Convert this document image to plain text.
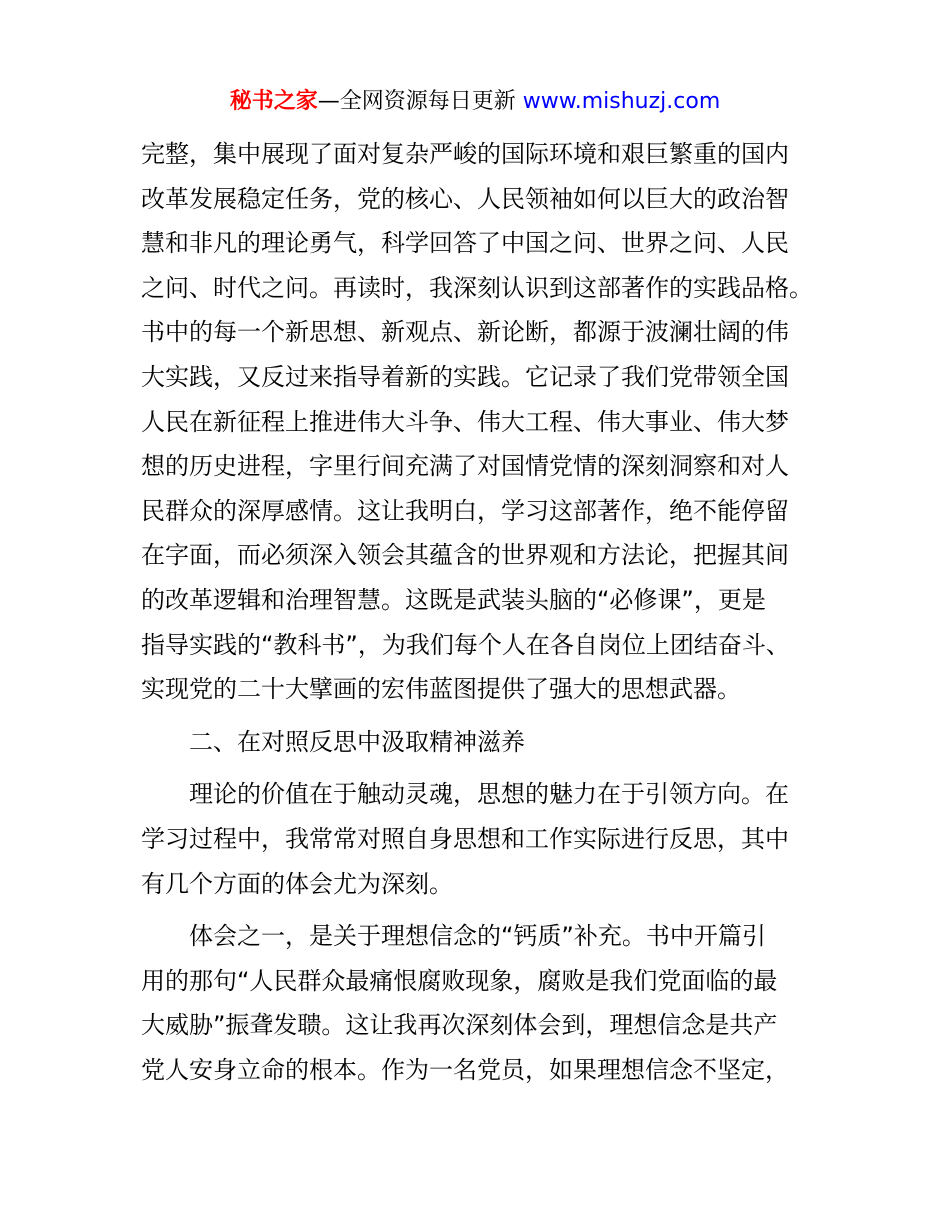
秘书之家—全网资源每日更新 www.mishuzj.com
完整，集中展现了面对复杂严峻的国际环境和艰巨繁重的国内
改革发展稳定任务，党的核心、人民领袖如何以巨大的政治智
慧和非凡的理论勇气，科学回答了中国之问、世界之问、人民
之问、时代之问。再读时，我深刻认识到这部著作的实践品格。
书中的每一个新思想、新观点、新论断，都源于波澜壮阔的伟
大实践，又反过来指导着新的实践。它记录了我们党带领全国
人民在新征程上推进伟大斗争、伟大工程、伟大事业、伟大梦
想的历史进程，字里行间充满了对国情党情的深刻洞察和对人
民群众的深厚感情。这让我明白，学习这部著作，绝不能停留
在字面，而必须深入领会其蕴含的世界观和方法论，把握其间
的改革逻辑和治理智慧。这既是武装头脑的“必修课”，更是
指导实践的“教科书”，为我们每个人在各自岗位上团结奋斗、
实现党的二十大擘画的宏伟蓝图提供了强大的思想武器。
二、在对照反思中汲取精神滋养
理论的价值在于触动灵魂，思想的魅力在于引领方向。在
学习过程中，我常常对照自身思想和工作实际进行反思，其中
有几个方面的体会尤为深刻。
体会之一，是关于理想信念的“钙质”补充。书中开篇引
用的那句“人民群众最痛恨腐败现象，腐败是我们党面临的最
大威胁”振聋发聩。这让我再次深刻体会到，理想信念是共产
党人安身立命的根本。作为一名党员，如果理想信念不坚定，
